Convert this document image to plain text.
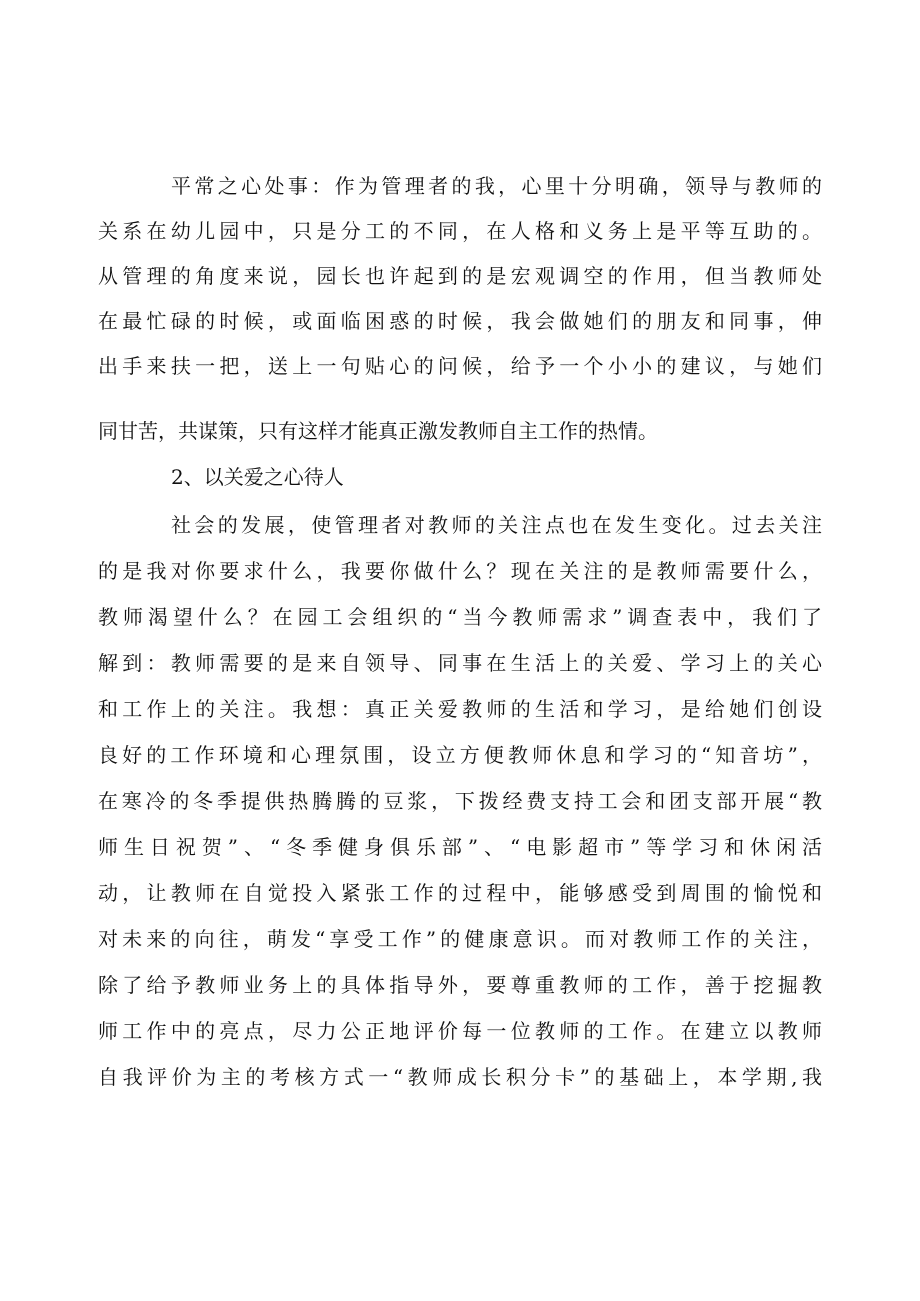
平常之心处事：作为管理者的我，心里十分明确，领导与教师的
关系在幼儿园中，只是分工的不同，在人格和义务上是平等互助的。
从管理的角度来说，园长也许起到的是宏观调空的作用，但当教师处
在最忙碌的时候，或面临困惑的时候，我会做她们的朋友和同事，伸
出手来扶一把，送上一句贴心的问候，给予一个小小的建议，与她们
同甘苦，共谋策，只有这样才能真正激发教师自主工作的热情。
2、以关爱之心待人
社会的发展，使管理者对教师的关注点也在发生变化。过去关注
的是我对你要求什么，我要你做什么？现在关注的是教师需要什么，
教师渴望什么？在园工会组织的“当今教师需求”调查表中，我们了
解到：教师需要的是来自领导、同事在生活上的关爱、学习上的关心
和工作上的关注。我想：真正关爱教师的生活和学习，是给她们创设
良好的工作环境和心理氛围，设立方便教师休息和学习的“知音坊”，
在寒冷的冬季提供热腾腾的豆浆，下拨经费支持工会和团支部开展“教
师生日祝贺”、“冬季健身俱乐部”、“电影超市”等学习和休闲活
动，让教师在自觉投入紧张工作的过程中，能够感受到周围的愉悦和
对未来的向往，萌发“享受工作”的健康意识。而对教师工作的关注，
除了给予教师业务上的具体指导外，要尊重教师的工作，善于挖掘教
师工作中的亮点，尽力公正地评价每一位教师的工作。在建立以教师
自我评价为主的考核方式一“教师成长积分卡”的基础上，本学期,我
